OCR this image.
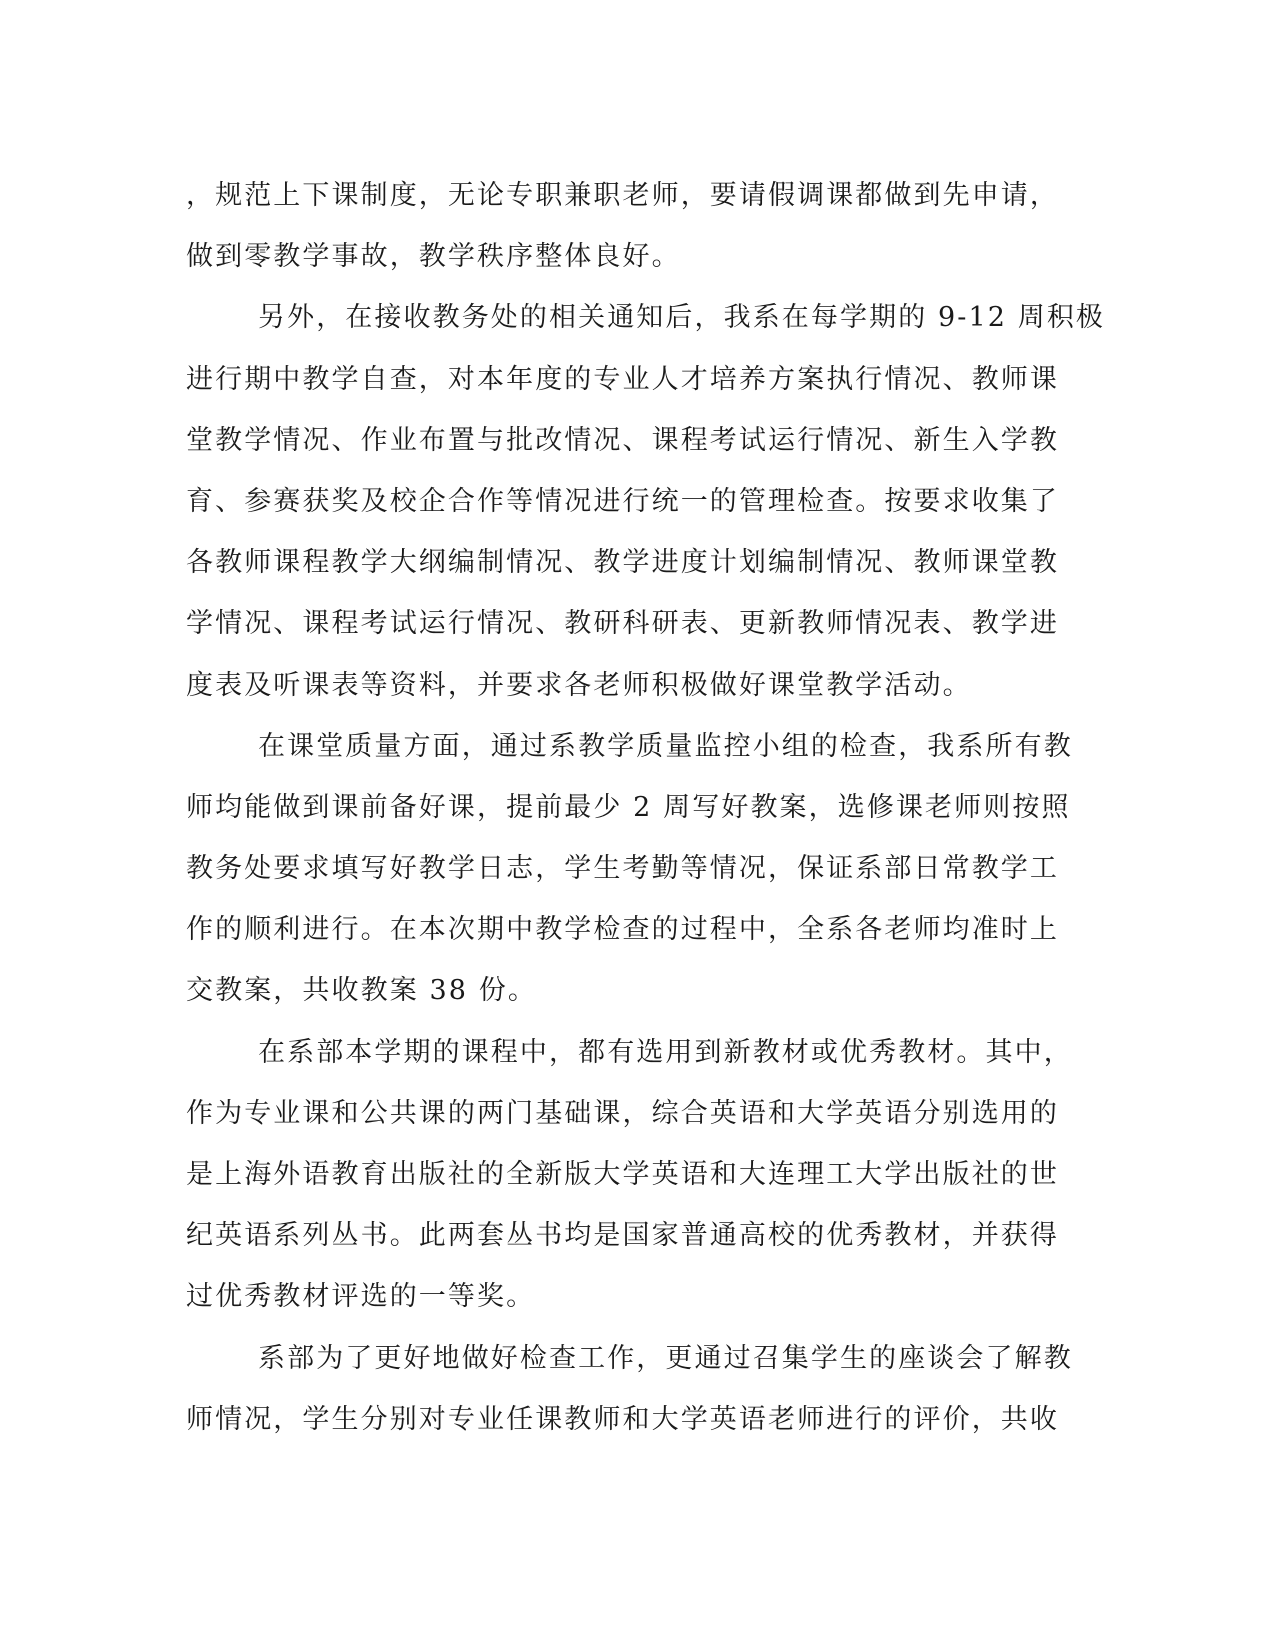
，规范上下课制度，无论专职兼职老师，要请假调课都做到先申请，
做到零教学事故，教学秩序整体良好。
另外，在接收教务处的相关通知后，我系在每学期的 9-12 周积极
进行期中教学自查，对本年度的专业人才培养方案执行情况、教师课
堂教学情况、作业布置与批改情况、课程考试运行情况、新生入学教
育、参赛获奖及校企合作等情况进行统一的管理检查。按要求收集了
各教师课程教学大纲编制情况、教学进度计划编制情况、教师课堂教
学情况、课程考试运行情况、教研科研表、更新教师情况表、教学进
度表及听课表等资料，并要求各老师积极做好课堂教学活动。
在课堂质量方面，通过系教学质量监控小组的检查，我系所有教
师均能做到课前备好课，提前最少 2 周写好教案，选修课老师则按照
教务处要求填写好教学日志，学生考勤等情况，保证系部日常教学工
作的顺利进行。在本次期中教学检查的过程中，全系各老师均准时上
交教案，共收教案 38 份。
在系部本学期的课程中，都有选用到新教材或优秀教材。其中，
作为专业课和公共课的两门基础课，综合英语和大学英语分别选用的
是上海外语教育出版社的全新版大学英语和大连理工大学出版社的世
纪英语系列丛书。此两套丛书均是国家普通高校的优秀教材，并获得
过优秀教材评选的一等奖。
系部为了更好地做好检查工作，更通过召集学生的座谈会了解教
师情况，学生分别对专业任课教师和大学英语老师进行的评价，共收
